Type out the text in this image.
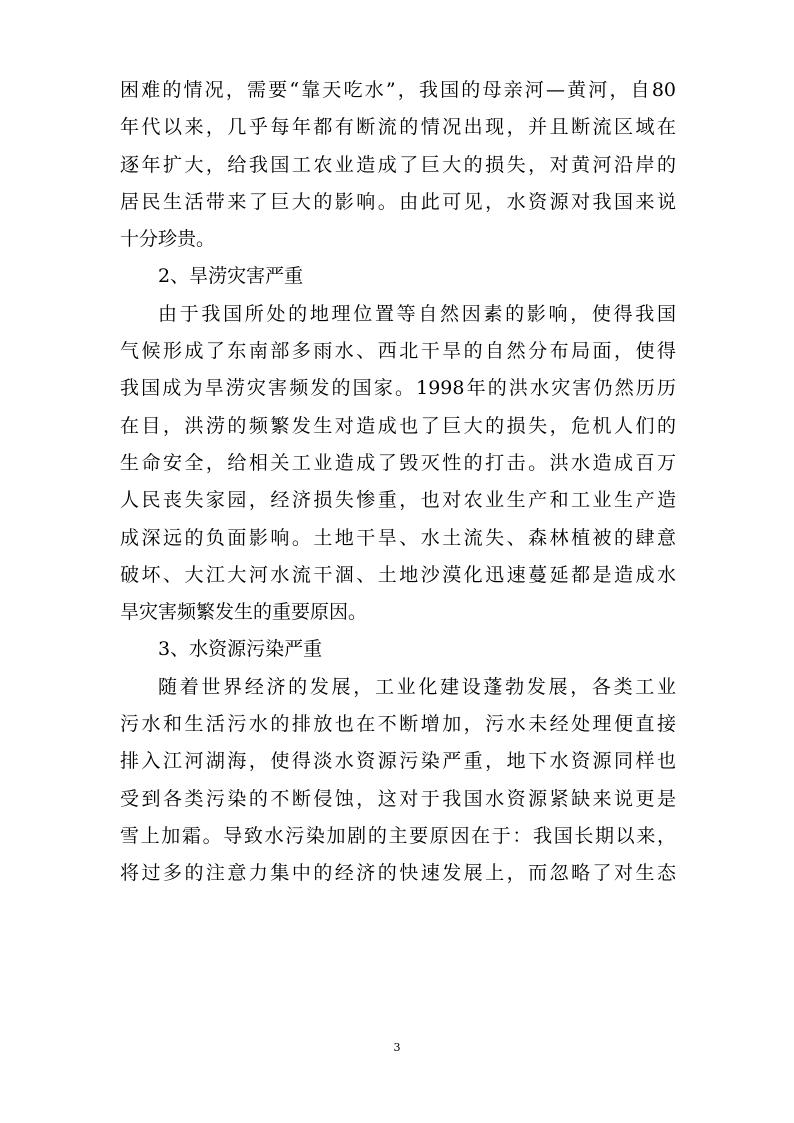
困难的情况，需要“靠天吃水”，我国的母亲河—黄河，自80
年代以来，几乎每年都有断流的情况出现，并且断流区域在
逐年扩大，给我国工农业造成了巨大的损失，对黄河沿岸的
居民生活带来了巨大的影响。由此可见，水资源对我国来说
十分珍贵。
2、旱涝灾害严重
由于我国所处的地理位置等自然因素的影响，使得我国
气候形成了东南部多雨水、西北干旱的自然分布局面，使得
我国成为旱涝灾害频发的国家。1998年的洪水灾害仍然历历
在目，洪涝的频繁发生对造成也了巨大的损失，危机人们的
生命安全，给相关工业造成了毁灭性的打击。洪水造成百万
人民丧失家园，经济损失惨重，也对农业生产和工业生产造
成深远的负面影响。土地干旱、水土流失、森林植被的肆意
破坏、大江大河水流干涸、土地沙漠化迅速蔓延都是造成水
旱灾害频繁发生的重要原因。
3、水资源污染严重
随着世界经济的发展，工业化建设蓬勃发展，各类工业
污水和生活污水的排放也在不断增加，污水未经处理便直接
排入江河湖海，使得淡水资源污染严重，地下水资源同样也
受到各类污染的不断侵蚀，这对于我国水资源紧缺来说更是
雪上加霜。导致水污染加剧的主要原因在于：我国长期以来，
将过多的注意力集中的经济的快速发展上，而忽略了对生态
3
